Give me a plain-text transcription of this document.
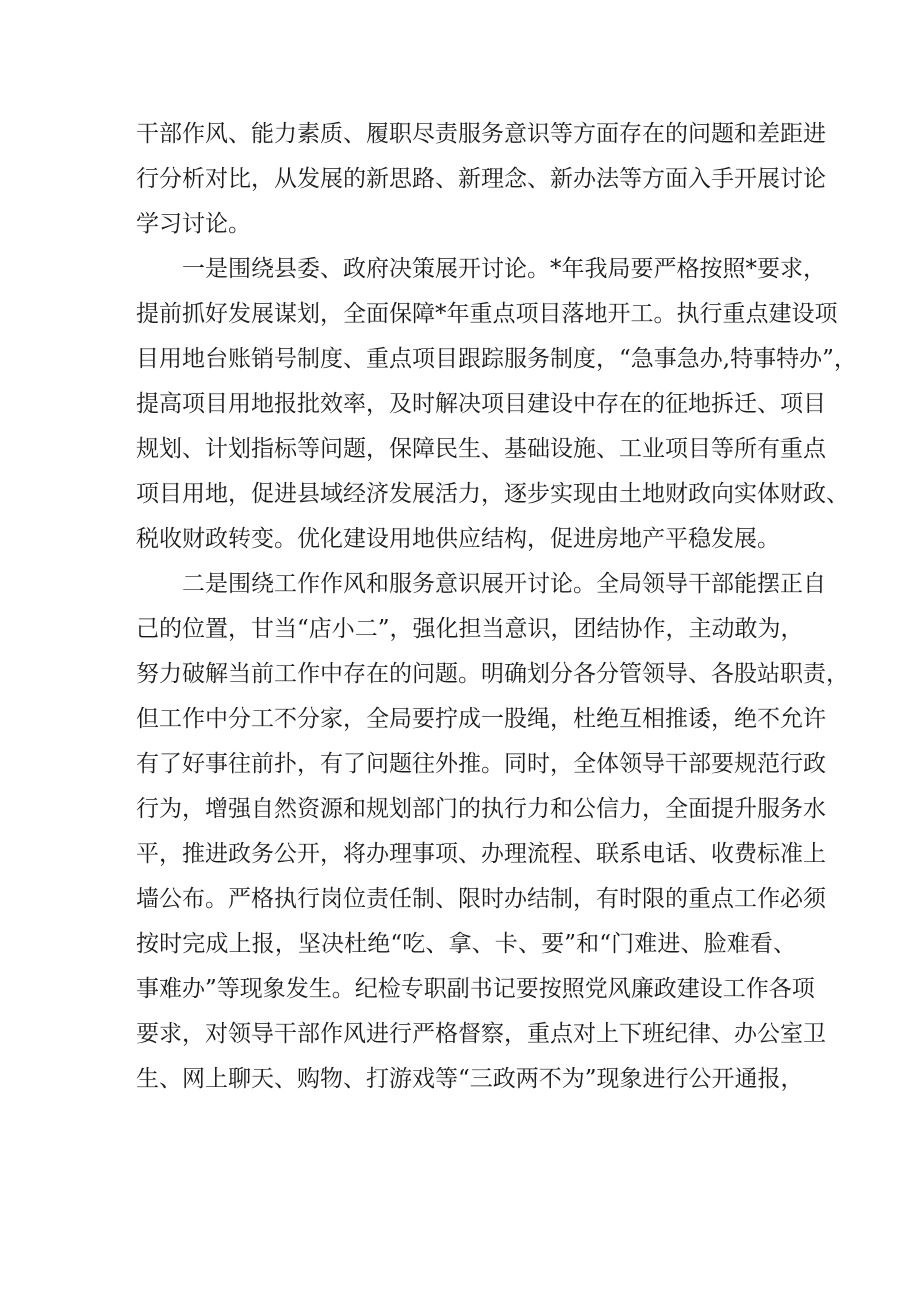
干部作风、能力素质、履职尽责服务意识等方面存在的问题和差距进
行分析对比，从发展的新思路、新理念、新办法等方面入手开展讨论
学习讨论。
一是围绕县委、政府决策展开讨论。*年我局要严格按照*要求，
提前抓好发展谋划，全面保障*年重点项目落地开工。执行重点建设项
目用地台账销号制度、重点项目跟踪服务制度，“急事急办,特事特办”，
提高项目用地报批效率，及时解决项目建设中存在的征地拆迁、项目
规划、计划指标等问题，保障民生、基础设施、工业项目等所有重点
项目用地，促进县域经济发展活力，逐步实现由土地财政向实体财政、
税收财政转变。优化建设用地供应结构，促进房地产平稳发展。
二是围绕工作作风和服务意识展开讨论。全局领导干部能摆正自
己的位置，甘当“店小二”，强化担当意识，团结协作，主动敢为，
努力破解当前工作中存在的问题。明确划分各分管领导、各股站职责，
但工作中分工不分家，全局要拧成一股绳，杜绝互相推诿，绝不允许
有了好事往前扑，有了问题往外推。同时，全体领导干部要规范行政
行为，增强自然资源和规划部门的执行力和公信力，全面提升服务水
平，推进政务公开，将办理事项、办理流程、联系电话、收费标准上
墙公布。严格执行岗位责任制、限时办结制，有时限的重点工作必须
按时完成上报，坚决杜绝“吃、拿、卡、要”和“门难进、脸难看、
事难办”等现象发生。纪检专职副书记要按照党风廉政建设工作各项
要求，对领导干部作风进行严格督察，重点对上下班纪律、办公室卫
生、网上聊天、购物、打游戏等“三政两不为”现象进行公开通报，
